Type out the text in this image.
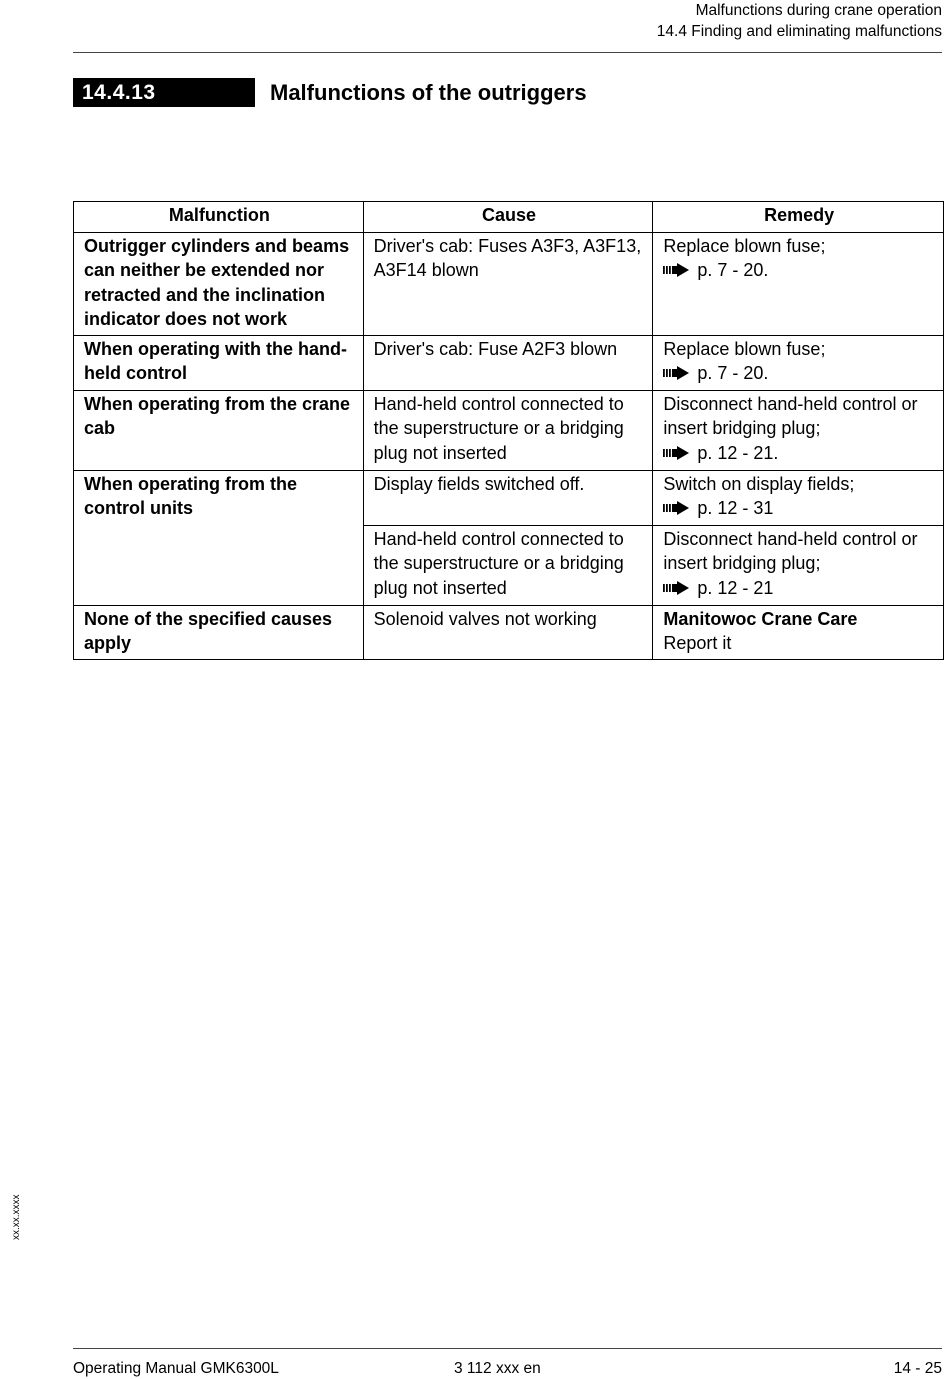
Malfunctions during crane operation
14.4 Finding and eliminating malfunctions
14.4.13	Malfunctions of the outriggers
Malfunction	Cause	Remedy
Outrigger cylinders and beams can neither be extended nor retracted and the inclination indicator does not work	Driver's cab: Fuses A3F3, A3F13, A3F14 blown	Replace blown fuse;
p. 7 - 20.

When operating with the hand-held control	Driver's cab: Fuse A2F3 blown	Replace blown fuse;
p. 7 - 20.

When operating from the crane cab	Hand-held control connected to the superstructure or a bridging plug not inserted	Disconnect hand-held control or insert bridging plug;
p. 12 - 21.

When operating from the control units	Display fields switched off.	Switch on display fields;
p. 12 - 31

	Hand-held control connected to the superstructure or a bridging plug not inserted	Disconnect hand-held control or insert bridging plug;
p. 12 - 21

None of the specified causes apply	Solenoid valves not working	Manitowoc Crane Care
Report it
xx.xx.xxxx
Operating Manual GMK6300L	3 112 xxx en	14 - 25
